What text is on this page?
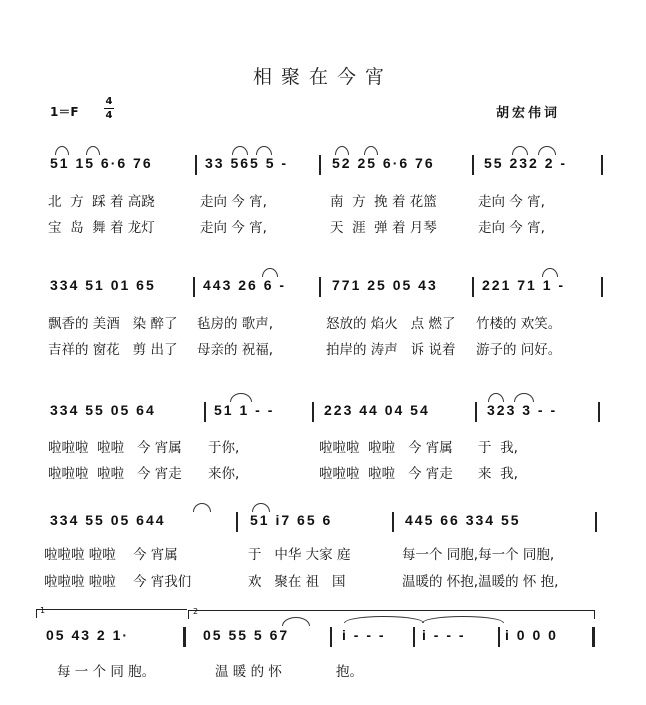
相聚在今宵
1＝F
4
4	胡宏伟词
51 15 6·6 76	33 565 5 -	52 25 6·6 76	55 232 2 -
北  方  踩 着 高跷	走向 今 宵,	南  方  挽 着 花篮	走向 今 宵,
宝  岛  舞 着 龙灯	走向 今 宵,	天  涯  弹 着 月琴	走向 今 宵,
334 51 01 65	443 26 6 -	771 25 05 43	221 71 1 -
飘香的 美酒   染 醉了 毡房的 歌声,	怒放的 焰火   点 燃了 竹楼的 欢笑。
吉祥的 窗花   剪 出了 母亲的 祝福,	拍岸的 涛声   诉 说着 游子的 问好。
334 55 05 64	51 1 - -	223 44 04 54	323 3 - -
啦啦啦  啦啦   今 宵属 于你,	啦啦啦  啦啦   今 宵属 于  我,
啦啦啦  啦啦   今 宵走 来你,	啦啦啦  啦啦   今 宵走 来  我,
334 55 05 644	51 i7 65 6	445 66 334 55
啦啦啦 啦啦    今 宵属	于   中华 大家 庭	每一个 同胞,每一个 同胞,
啦啦啦 啦啦    今 宵我们	欢   聚在 祖   国	温暖的 怀抱,温暖的 怀 抱,
1	2
05 43 2 1·	05 55 5 67	i - - -	i - - -	i 0 0 0
每 一 个 同 胞。	温 暖 的 怀	抱。
